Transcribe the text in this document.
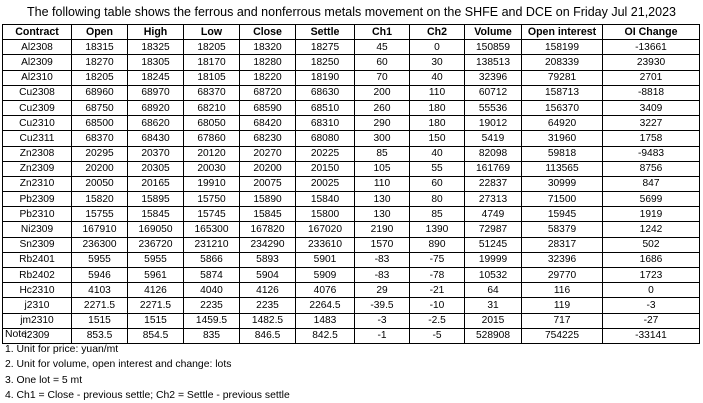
The following table shows the ferrous and nonferrous metals movement on the SHFE and DCE on Friday Jul 21,2023
Contract	Open	High	Low	Close	Settle	Ch1	Ch2	Volume	Open interest	OI Change
Al2308	18315	18325	18205	18320	18275	45	0	150859	158199	-13661
Al2309	18270	18305	18170	18280	18250	60	30	138513	208339	23930
Al2310	18205	18245	18105	18220	18190	70	40	32396	79281	2701
Cu2308	68960	68970	68370	68720	68630	200	110	60712	158713	-8818
Cu2309	68750	68920	68210	68590	68510	260	180	55536	156370	3409
Cu2310	68500	68620	68050	68420	68310	290	180	19012	64920	3227
Cu2311	68370	68430	67860	68230	68080	300	150	5419	31960	1758
Zn2308	20295	20370	20120	20270	20225	85	40	82098	59818	-9483
Zn2309	20200	20305	20030	20200	20150	105	55	161769	113565	8756
Zn2310	20050	20165	19910	20075	20025	110	60	22837	30999	847
Pb2309	15820	15895	15750	15890	15840	130	80	27313	71500	5699
Pb2310	15755	15845	15745	15845	15800	130	85	4749	15945	1919
Ni2309	167910	169050	165300	167820	167020	2190	1390	72987	58379	1242
Sn2309	236300	236720	231210	234290	233610	1570	890	51245	28317	502
Rb2401	5955	5955	5866	5893	5901	-83	-75	19999	32396	1686
Rb2402	5946	5961	5874	5904	5909	-83	-78	10532	29770	1723
Hc2310	4103	4126	4040	4126	4076	29	-21	64	116	0
j2310	2271.5	2271.5	2235	2235	2264.5	-39.5	-10	31	119	-3
jm2310	1515	1515	1459.5	1482.5	1483	-3	-2.5	2015	717	-27
i2309	853.5	854.5	835	846.5	842.5	-1	-5	528908	754225	-33141
Note:
1. Unit for price: yuan/mt
2. Unit for volume, open interest and change: lots
3. One lot = 5 mt
4. Ch1 = Close - previous settle; Ch2 = Settle - previous settle
